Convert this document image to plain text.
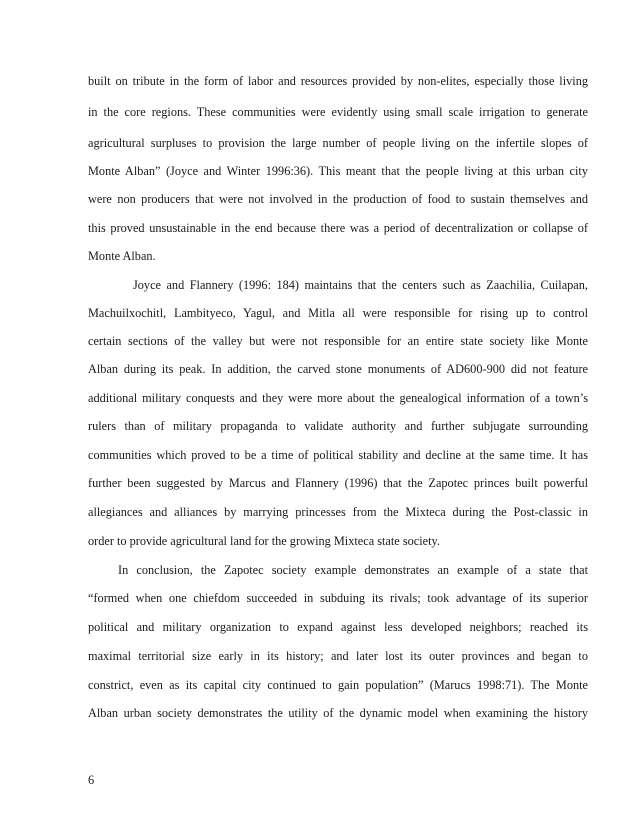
built on tribute in the form of labor and resources provided by non-elites, especially those living
in the core regions. These communities were evidently using small scale irrigation to generate
agricultural surpluses to provision the large number of people living on the infertile slopes of
Monte Alban” (Joyce and Winter 1996:36). This meant that the people living at this urban city
were non producers that were not involved in the production of food to sustain themselves and
this proved unsustainable in the end because there was a period of decentralization or collapse of
Monte Alban.
Joyce and Flannery (1996: 184) maintains that the centers such as Zaachilia, Cuilapan,
Machuilxochitl, Lambityeco, Yagul, and Mitla all were responsible for rising up to control
certain sections of the valley but were not responsible for an entire state society like Monte
Alban during its peak. In addition, the carved stone monuments of AD600-900 did not feature
additional military conquests and they were more about the genealogical information of a town’s
rulers than of military propaganda to validate authority and further subjugate surrounding
communities which proved to be a time of political stability and decline at the same time. It has
further been suggested by Marcus and Flannery (1996) that the Zapotec princes built powerful
allegiances and alliances by marrying princesses from the Mixteca during the Post-classic in
order to provide agricultural land for the growing Mixteca state society.
In conclusion, the Zapotec society example demonstrates an example of a state that
“formed when one chiefdom succeeded in subduing its rivals; took advantage of its superior
political and military organization to expand against less developed neighbors; reached its
maximal territorial size early in its history; and later lost its outer provinces and began to
constrict, even as its capital city continued to gain population” (Marucs 1998:71). The Monte
Alban urban society demonstrates the utility of the dynamic model when examining the history
6
